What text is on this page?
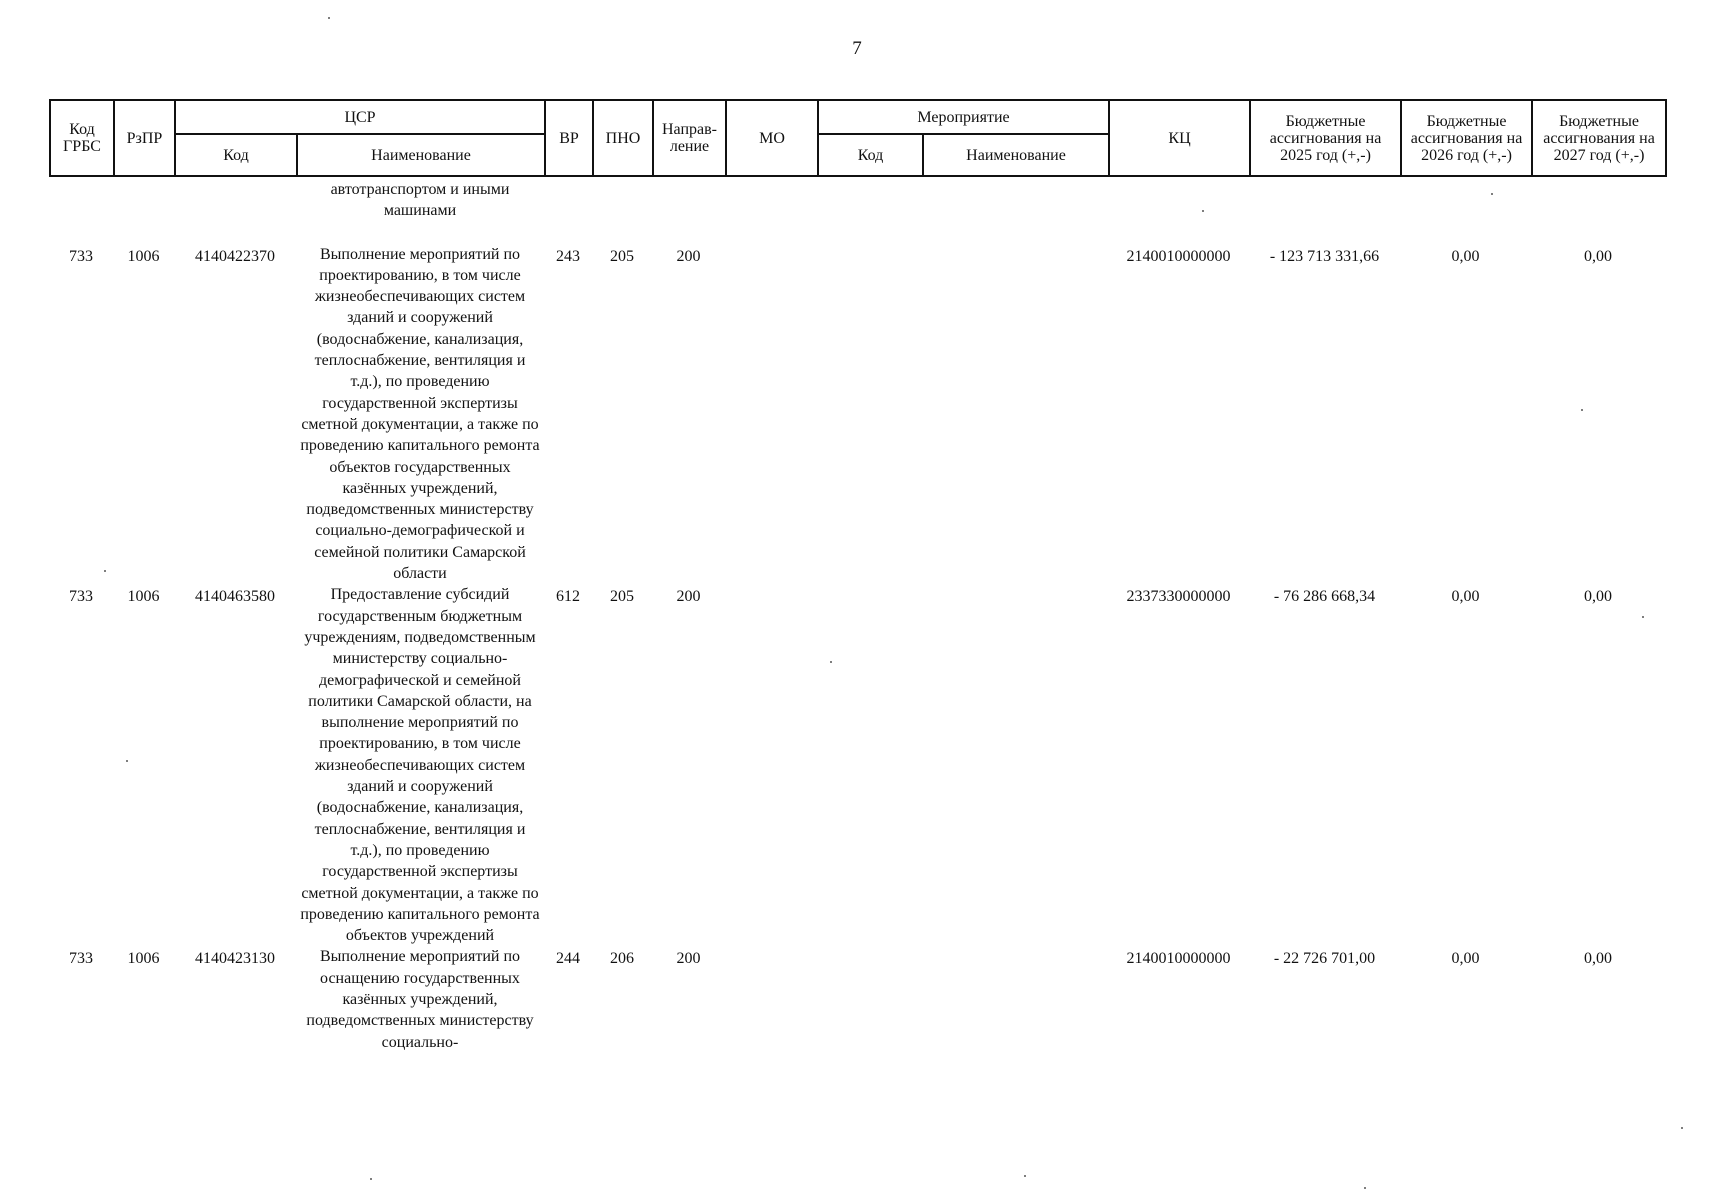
7
Код ГРБС	РзПР	ЦСР		ВР	ПНО	Направ-ление	МО	Мероприятие		КЦ	Бюджетные ассигнования на 2025 год (+,-)	Бюджетные ассигнования на 2026 год (+,-)	Бюджетные ассигнования на 2027 год (+,-)
		Код	Наименование					Код	Наименование				
			автотранспортом и иными машинами										
733	1006	4140422370	Выполнение мероприятий по проектированию, в том числе жизнеобеспечивающих систем зданий и сооружений (водоснабжение, канализация, теплоснабжение, вентиляция и т.д.), по проведению государственной экспертизы сметной документации, а также по проведению капитального ремонта объектов государственных казённых учреждений, подведомственных министерству социально-демографической и семейной политики Самарской области	243	205	200				2140010000000	- 123 713 331,66	0,00	0,00
733	1006	4140463580	Предоставление субсидий государственным бюджетным учреждениям, подведомственным министерству социально-демографической и семейной политики Самарской области, на выполнение мероприятий по проектированию, в том числе жизнеобеспечивающих систем зданий и сооружений (водоснабжение, канализация, теплоснабжение, вентиляция и т.д.), по проведению государственной экспертизы сметной документации, а также по проведению капитального ремонта объектов учреждений	612	205	200				2337330000000	- 76 286 668,34	0,00	0,00
733	1006	4140423130	Выполнение мероприятий по оснащению государственных казённых учреждений, подведомственных министерству социально-	244	206	200				2140010000000	- 22 726 701,00	0,00	0,00
